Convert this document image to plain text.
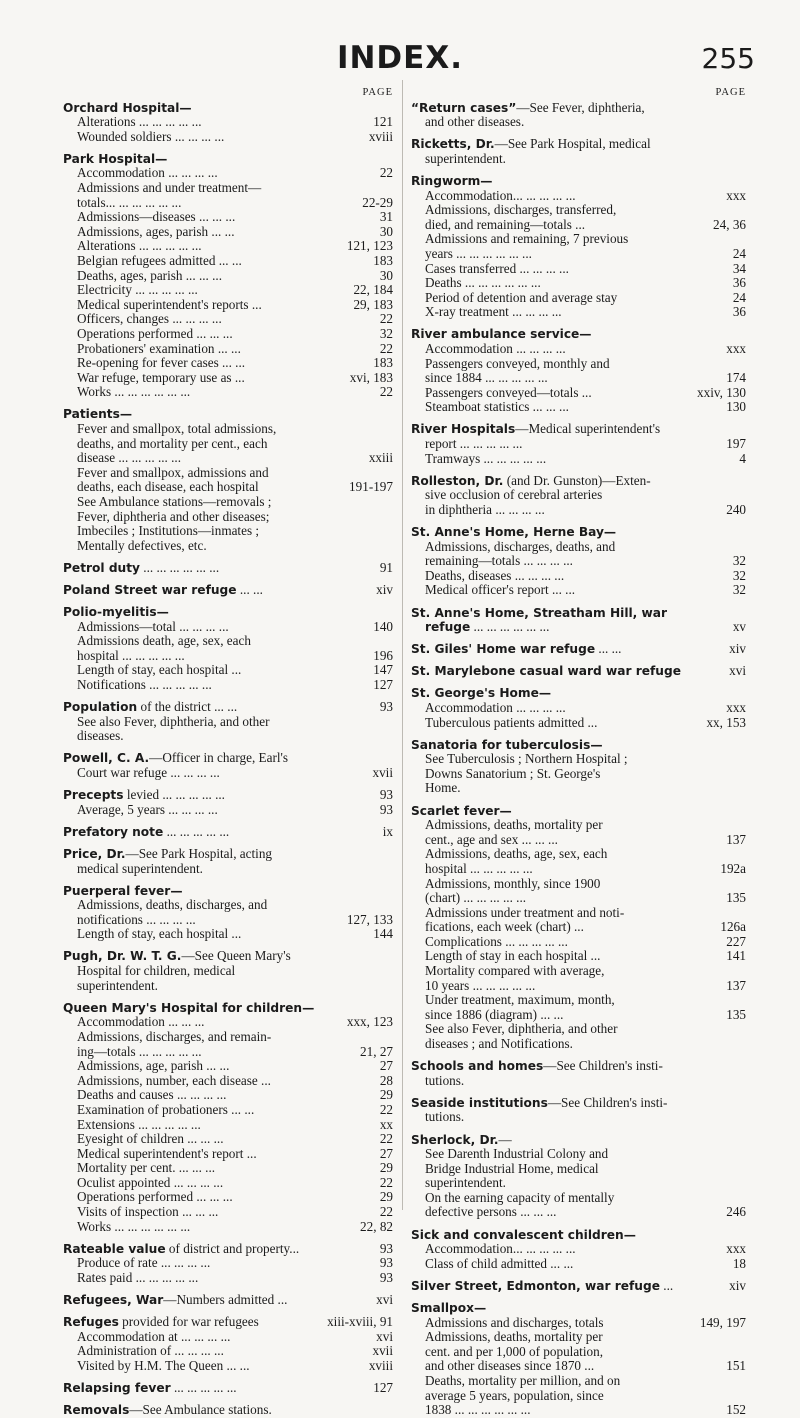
INDEX.	255
PAGE
Orchard Hospital—
Alterations ... ... ... ... ...	121
Wounded soldiers ... ... ... ...	xviii
Park Hospital—
Accommodation ... ... ... ...	22
Admissions and under treatment—
totals... ... ... ... ... ...	22-29
Admissions—diseases ... ... ...	31
Admissions, ages, parish ... ...	30
Alterations ... ... ... ... ...	121, 123
Belgian refugees admitted ... ...	183
Deaths, ages, parish ... ... ...	30
Electricity ... ... ... ... ...	22, 184
Medical superintendent's reports ...	29, 183
Officers, changes ... ... ... ...	22
Operations performed ... ... ...	32
Probationers' examination ... ...	22
Re-opening for fever cases ... ...	183
War refuge, temporary use as ...	xvi, 183
Works ... ... ... ... ... ...	22
Patients—
Fever and smallpox, total admissions,
deaths, and mortality per cent., each
disease ... ... ... ... ...	xxiii
Fever and smallpox, admissions and
deaths, each disease, each hospital	191-197
See Ambulance stations—removals ;
Fever, diphtheria and other diseases;
Imbeciles ; Institutions—inmates ;
Mentally defectives, etc.
Petrol duty ... ... ... ... ... ...	91
Poland Street war refuge ... ...	xiv
Polio-myelitis—
Admissions—total ... ... ... ...	140
Admissions death, age, sex, each
hospital ... ... ... ... ...	196
Length of stay, each hospital ...	147
Notifications ... ... ... ... ...	127
Population of the district ... ...	93
See also Fever, diphtheria, and other
diseases.
Powell, C. A.—Officer in charge, Earl's
Court war refuge ... ... ... ...	xvii
Precepts levied ... ... ... ... ...	93
Average, 5 years ... ... ... ...	93
Prefatory note ... ... ... ... ...	ix
Price, Dr.—See Park Hospital, acting
medical superintendent.
Puerperal fever—
Admissions, deaths, discharges, and
notifications ... ... ... ...	127, 133
Length of stay, each hospital ...	144
Pugh, Dr. W. T. G.—See Queen Mary's
Hospital for children, medical
superintendent.
Queen Mary's Hospital for children—
Accommodation ... ... ...	xxx, 123
Admissions, discharges, and remain-
ing—totals ... ... ... ... ...	21, 27
Admissions, age, parish ... ...	27
Admissions, number, each disease ...	28
Deaths and causes ... ... ... ...	29
Examination of probationers ... ...	22
Extensions ... ... ... ... ...	xx
Eyesight of children ... ... ...	22
Medical superintendent's report ...	27
Mortality per cent. ... ... ...	29
Oculist appointed ... ... ... ...	22
Operations performed ... ... ...	29
Visits of inspection ... ... ...	22
Works ... ... ... ... ... ...	22, 82
Rateable value of district and property...	93
Produce of rate ... ... ... ...	93
Rates paid ... ... ... ... ...	93
Refugees, War—Numbers admitted ...	xvi
Refuges provided for war refugees	xiii-xviii, 91
Accommodation at ... ... ... ...	xvi
Administration of ... ... ... ...	xvii
Visited by H.M. The Queen ... ...	xviii
Relapsing fever ... ... ... ... ...	127
Removals—See Ambulance stations.
PAGE
“Return cases”—See Fever, diphtheria,
and other diseases.
Ricketts, Dr.—See Park Hospital, medical
superintendent.
Ringworm—
Accommodation... ... ... ... ...	xxx
Admissions, discharges, transferred,
died, and remaining—totals ...	24, 36
Admissions and remaining, 7 previous
years ... ... ... ... ... ...	24
Cases transferred ... ... ... ...	34
Deaths ... ... ... ... ... ...	36
Period of detention and average stay	24
X-ray treatment ... ... ... ...	36
River ambulance service—
Accommodation ... ... ... ...	xxx
Passengers conveyed, monthly and
since 1884 ... ... ... ... ...	174
Passengers conveyed—totals ...	xxiv, 130
Steamboat statistics ... ... ...	130
River Hospitals—Medical superintendent's
report ... ... ... ... ...	197
Tramways ... ... ... ... ...	4
Rolleston, Dr. (and Dr. Gunston)—Exten-
sive occlusion of cerebral arteries
in diphtheria ... ... ... ...	240
St. Anne's Home, Herne Bay—
Admissions, discharges, deaths, and
remaining—totals ... ... ... ...	32
Deaths, diseases ... ... ... ...	32
Medical officer's report ... ...	32
St. Anne's Home, Streatham Hill, war
refuge ... ... ... ... ... ...	xv
St. Giles' Home war refuge ... ...	xiv
St. Marylebone casual ward war refuge	xvi
St. George's Home—
Accommodation ... ... ... ...	xxx
Tuberculous patients admitted ...	xx, 153
Sanatoria for tuberculosis—
See Tuberculosis ; Northern Hospital ;
Downs Sanatorium ; St. George's
Home.
Scarlet fever—
Admissions, deaths, mortality per
cent., age and sex ... ... ...	137
Admissions, deaths, age, sex, each
hospital ... ... ... ... ...	192a
Admissions, monthly, since 1900
(chart) ... ... ... ... ...	135
Admissions under treatment and noti-
fications, each week (chart) ...	126a
Complications ... ... ... ... ...	227
Length of stay in each hospital ...	141
Mortality compared with average,
10 years ... ... ... ... ...	137
Under treatment, maximum, month,
since 1886 (diagram) ... ...	135
See also Fever, diphtheria, and other
diseases ; and Notifications.
Schools and homes—See Children's insti-
tutions.
Seaside institutions—See Children's insti-
tutions.
Sherlock, Dr.—
See Darenth Industrial Colony and
Bridge Industrial Home, medical
superintendent.
On the earning capacity of mentally
defective persons ... ... ...	246
Sick and convalescent children—
Accommodation... ... ... ... ...	xxx
Class of child admitted ... ...	18
Silver Street, Edmonton, war refuge ...	xiv
Smallpox—
Admissions and discharges, totals	149, 197
Admissions, deaths, mortality per
cent. and per 1,000 of population,
and other diseases since 1870 ...	151
Deaths, mortality per million, and on
average 5 years, population, since
1838 ... ... ... ... ... ...	152
